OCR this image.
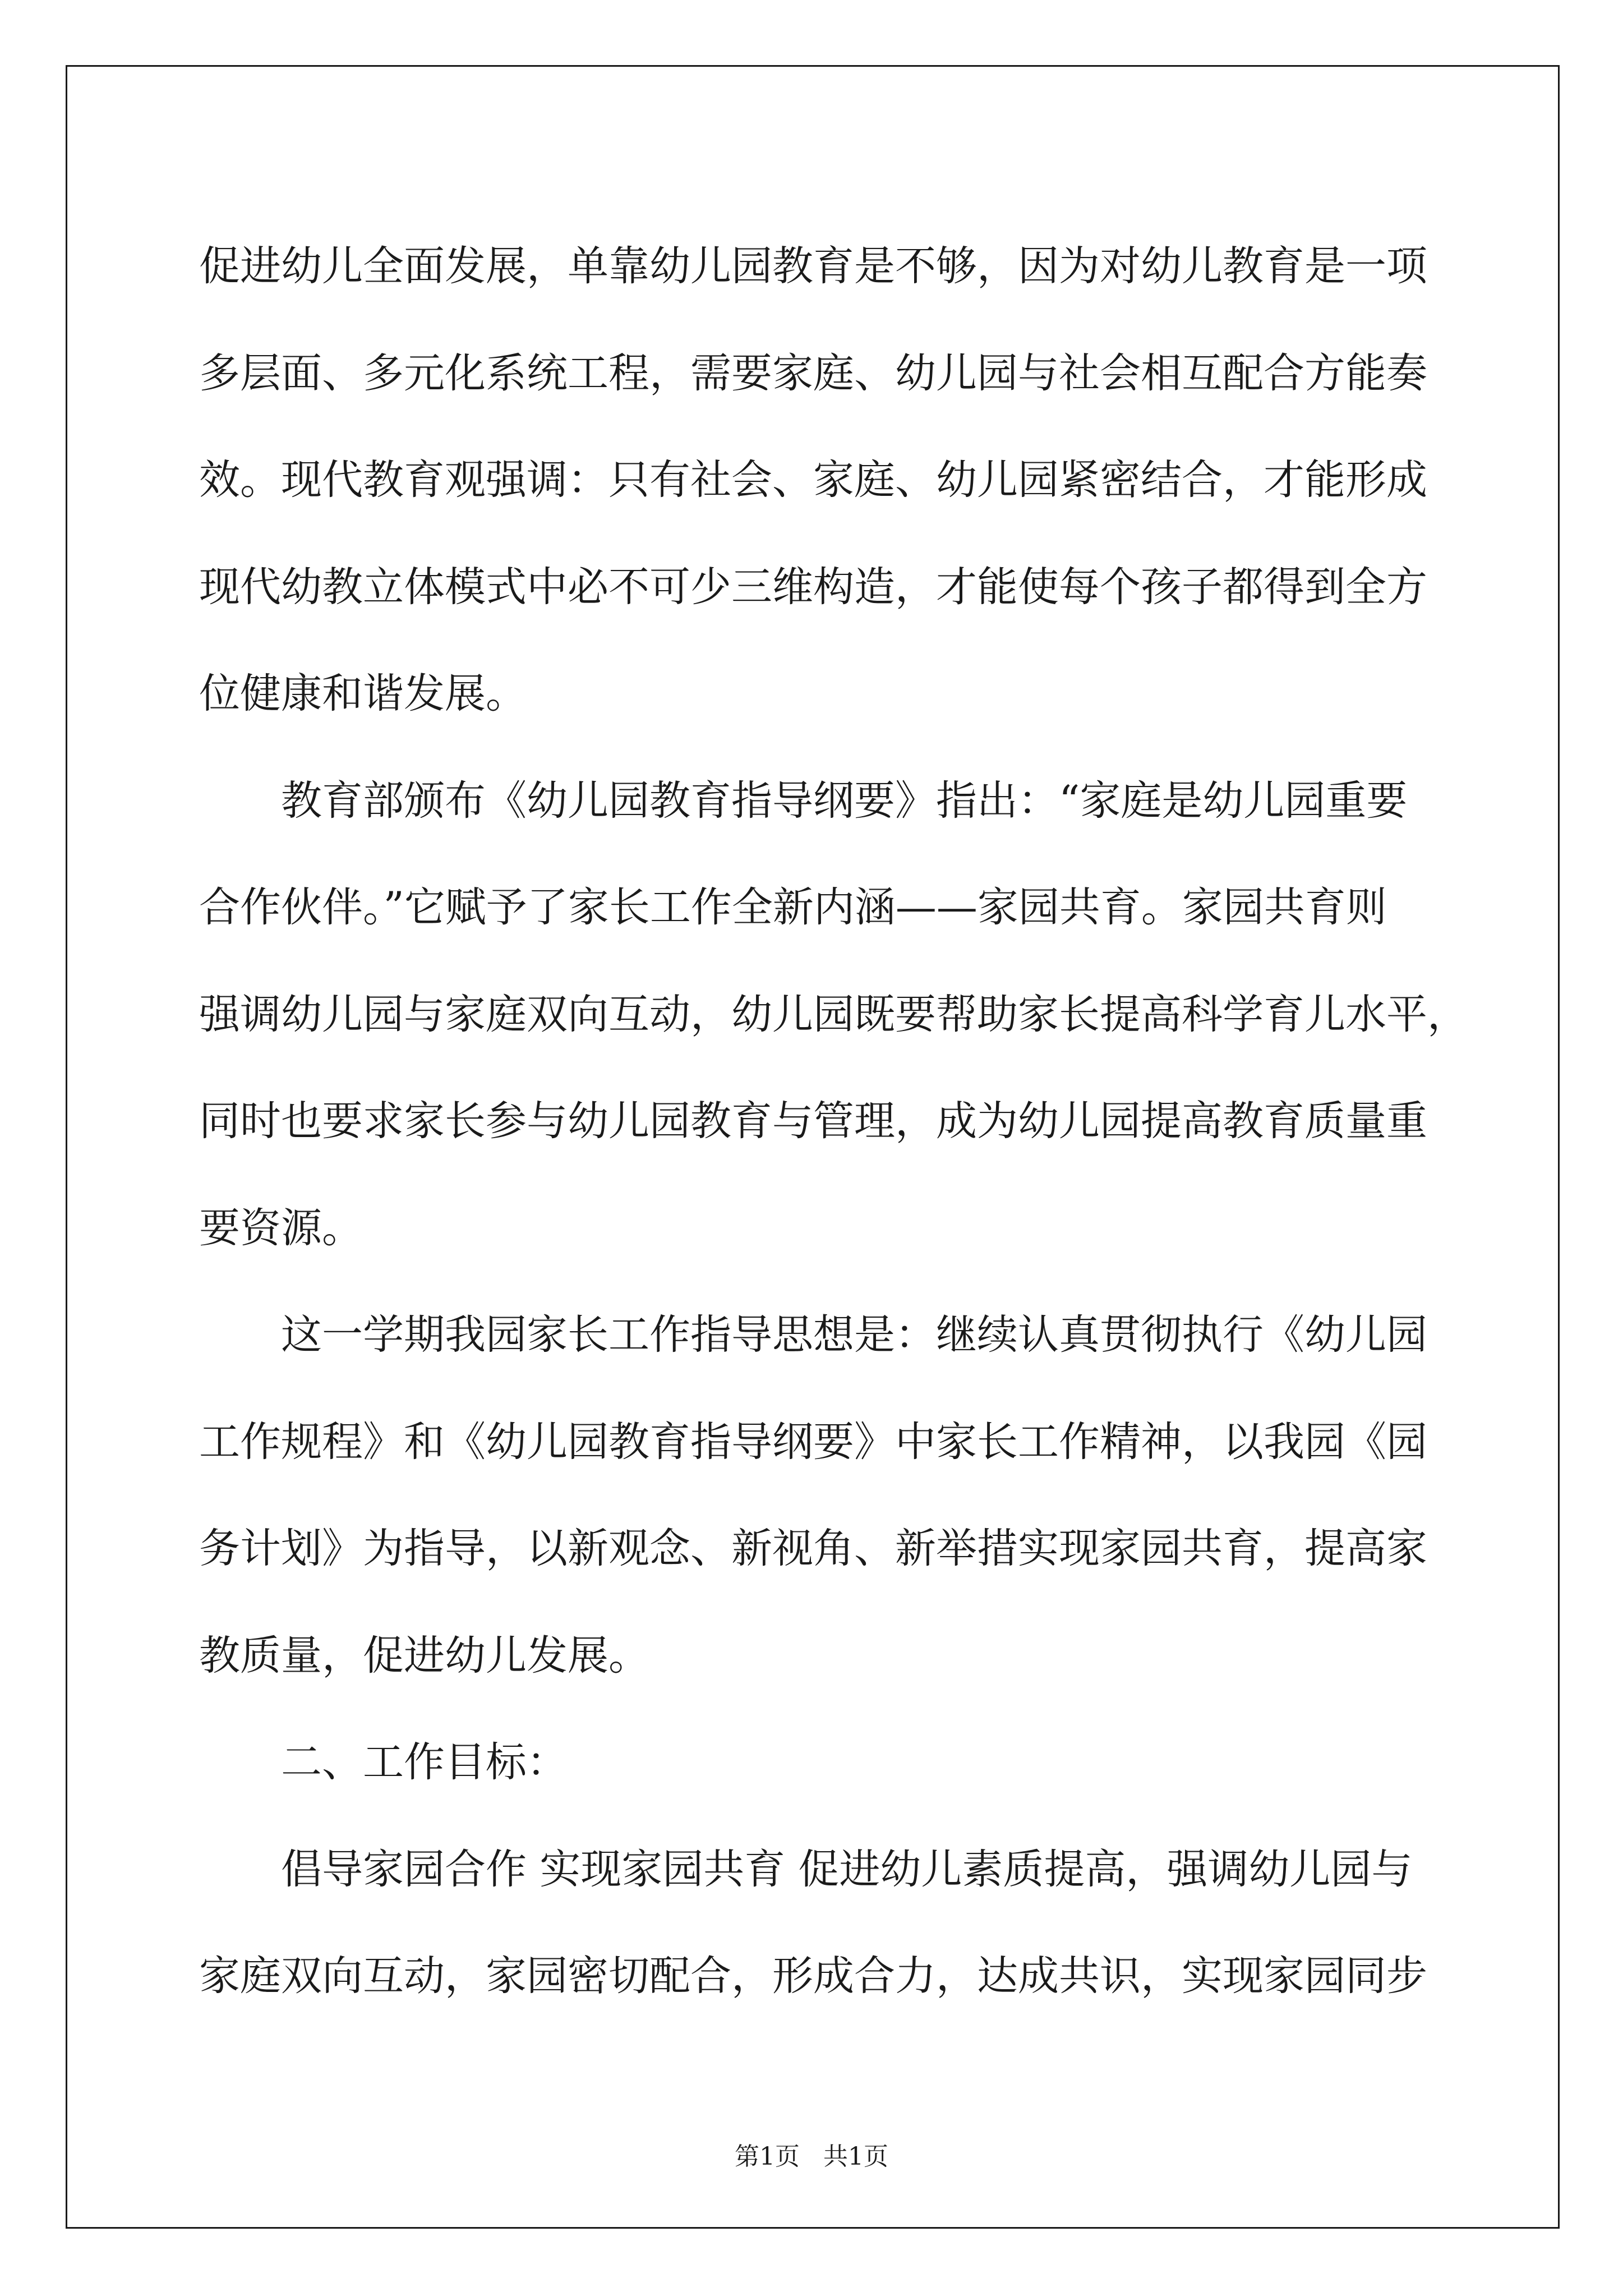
促进幼儿全面发展，单靠幼儿园教育是不够，因为对幼儿教育是一项
多层面、多元化系统工程，需要家庭、幼儿园与社会相互配合方能奏
效。现代教育观强调：只有社会、家庭、幼儿园紧密结合，才能形成
现代幼教立体模式中必不可少三维构造，才能使每个孩子都得到全方
位健康和谐发展。
教育部颁布《幼儿园教育指导纲要》指出：“家庭是幼儿园重要
合作伙伴。”它赋予了家长工作全新内涵——家园共育。家园共育则
强调幼儿园与家庭双向互动，幼儿园既要帮助家长提高科学育儿水平，
同时也要求家长参与幼儿园教育与管理，成为幼儿园提高教育质量重
要资源。
这一学期我园家长工作指导思想是：继续认真贯彻执行《幼儿园
工作规程》和《幼儿园教育指导纲要》中家长工作精神，以我园《园
务计划》为指导，以新观念、新视角、新举措实现家园共育，提高家
教质量，促进幼儿发展。
二、工作目标：
倡导家园合作 实现家园共育 促进幼儿素质提高，强调幼儿园与
家庭双向互动，家园密切配合，形成合力，达成共识，实现家园同步
第1页   共1页
